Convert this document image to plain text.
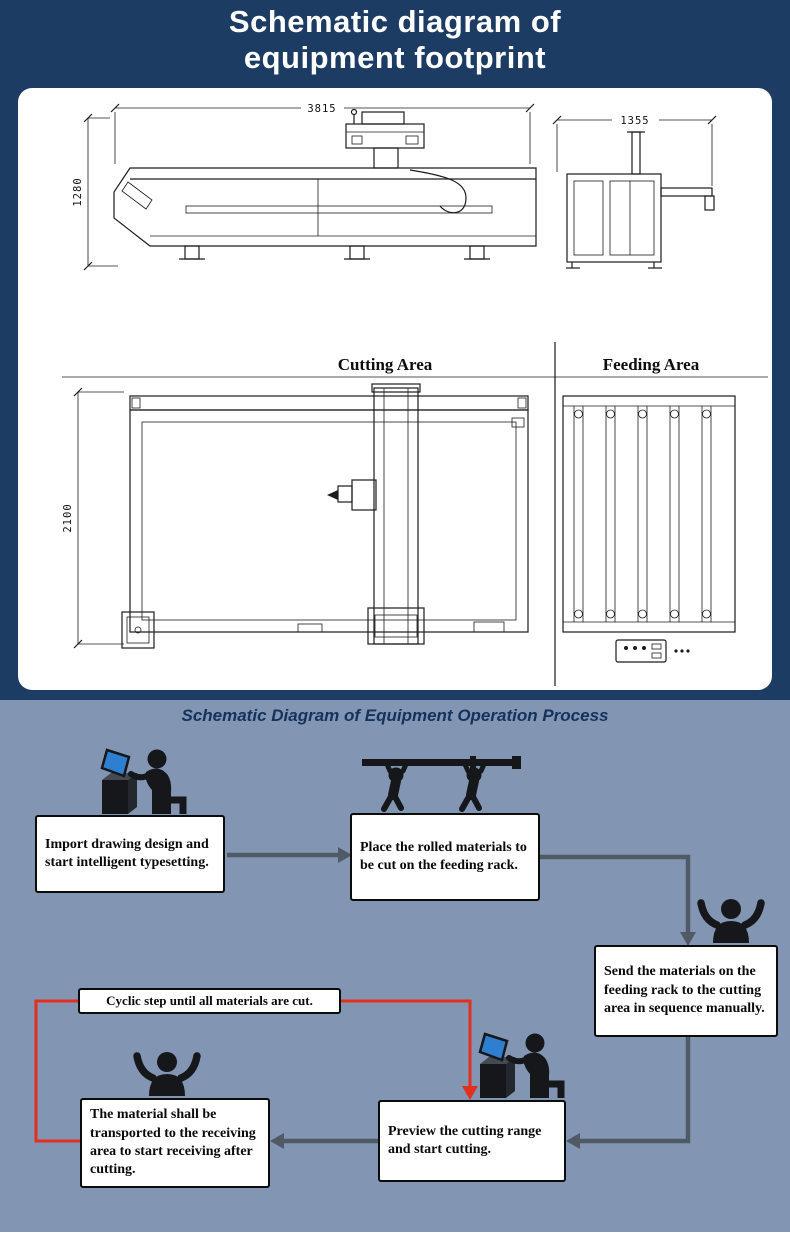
Schematic diagram of
equipment footprint
3815
1280
1355
Cutting Area	Feeding Area
2100
Schematic Diagram of Equipment Operation Process

Import drawing design and start intelligent typesetting.

Place the rolled materials to be cut on the feeding rack.

Send the materials on the feeding rack to the cutting area in sequence manually.

Preview the cutting range and start cutting.

The material shall be transported to the receiving area to start receiving after cutting.

Cyclic step until all materials are cut.
